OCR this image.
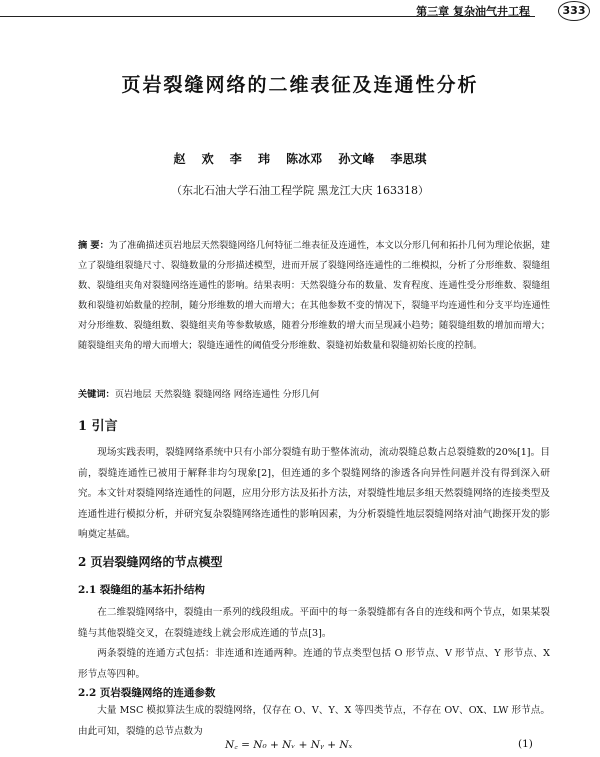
第三章 复杂油气井工程	333
页岩裂缝网络的二维表征及连通性分析
赵 欢 李 玮 陈冰邓 孙文峰 李思琪
（东北石油大学石油工程学院 黑龙江大庆 163318）
摘 要：为了准确描述页岩地层天然裂缝网络几何特征二维表征及连通性，本文以分形几何和拓扑几何为理论依据，建立了裂缝组裂缝尺寸、裂缝数量的分形描述模型，进而开展了裂缝网络连通性的二维模拟，分析了分形维数、裂缝组数、裂缝组夹角对裂缝网络连通性的影响。结果表明：天然裂缝分布的数量、发育程度、连通性受分形维数、裂缝组数和裂缝初始数量的控制，随分形维数的增大而增大；在其他参数不变的情况下，裂缝平均连通性和分支平均连通性对分形维数、裂缝组数、裂缝组夹角等参数敏感，随着分形维数的增大而呈现减小趋势；随裂缝组数的增加而增大；随裂缝组夹角的增大而增大；裂缝连通性的阈值受分形维数、裂缝初始数量和裂缝初始长度的控制。
关键词：页岩地层 天然裂缝 裂缝网络 网络连通性 分形几何
1 引言
现场实践表明，裂缝网络系统中只有小部分裂缝有助于整体流动，流动裂缝总数占总裂缝数的20%[1]。目前，裂缝连通性已被用于解释非均匀现象[2]，但连通的多个裂缝网络的渗透各向异性问题并没有得到深入研究。本文针对裂缝网络连通性的问题，应用分形方法及拓扑方法，对裂缝性地层多组天然裂缝网络的连接类型及连通性进行模拟分析，并研究复杂裂缝网络连通性的影响因素，为分析裂缝性地层裂缝网络对油气勘探开发的影响奠定基础。
2 页岩裂缝网络的节点模型
2.1 裂缝组的基本拓扑结构
在二维裂缝网络中，裂缝由一系列的线段组成。平面中的每一条裂缝都有各自的连线和两个节点，如果某裂缝与其他裂缝交叉，在裂缝迹线上就会形成连通的节点[3]。
两条裂缝的连通方式包括：非连通和连通两种。连通的节点类型包括 O 形节点、V 形节点、Y 形节点、X 形节点等四种。
2.2 页岩裂缝网络的连通参数
大量 MSC 模拟算法生成的裂缝网络，仅存在 O、V、Y、X 等四类节点，不存在 OV、OX、LW 形节点。由此可知，裂缝的总节点数为
N꜀ = N₀ + Nᵥ + Nᵧ + Nₓ	(1)
